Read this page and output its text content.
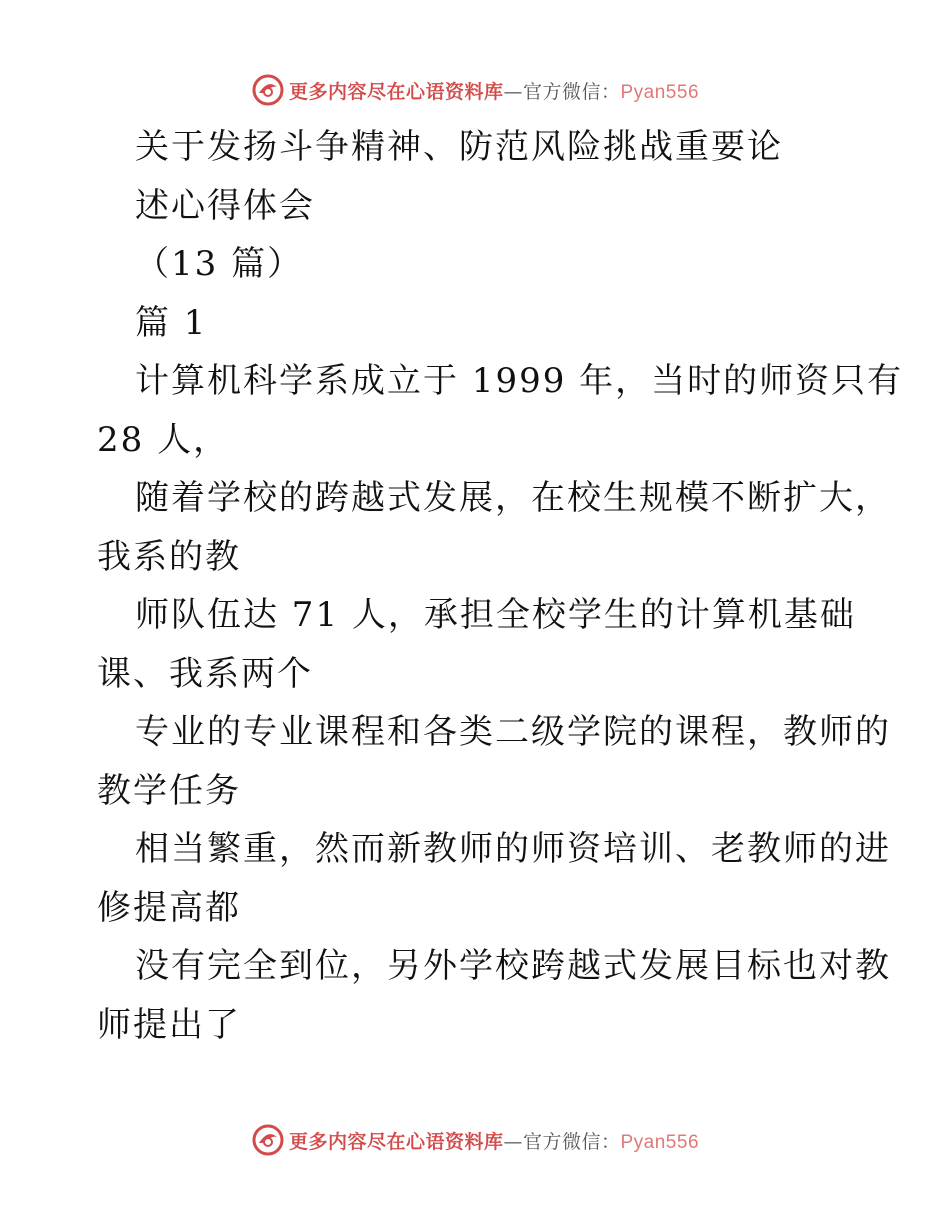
更多内容尽在心语资料库—官方微信：Pyan556
关于发扬斗争精神、防范风险挑战重要论
述心得体会
（13 篇）
篇 1
计算机科学系成立于 1999 年，当时的师资只有
28 人，
随着学校的跨越式发展，在校生规模不断扩大，
我系的教
师队伍达 71 人，承担全校学生的计算机基础
课、我系两个
专业的专业课程和各类二级学院的课程，教师的
教学任务
相当繁重，然而新教师的师资培训、老教师的进
修提高都
没有完全到位，另外学校跨越式发展目标也对教
师提出了
更多内容尽在心语资料库—官方微信：Pyan556
